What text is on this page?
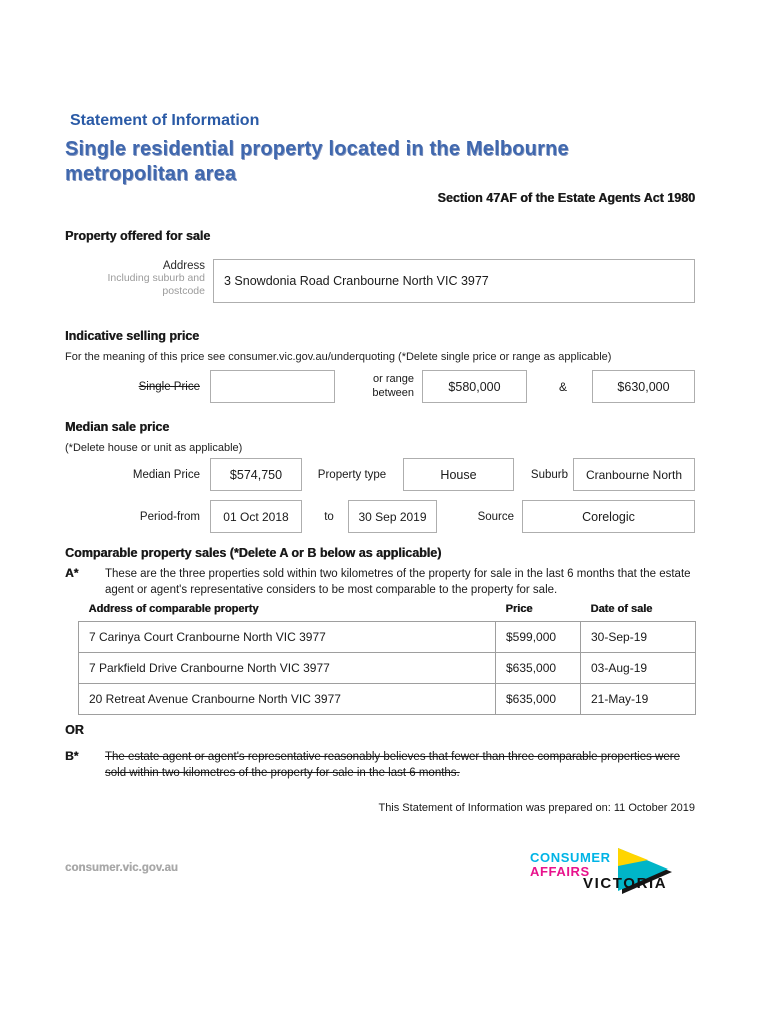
Statement of Information
Single residential property located in the Melbourne metropolitan area
Section 47AF of the Estate Agents Act 1980
Property offered for sale
Address
Including suburb and postcode
3 Snowdonia Road Cranbourne North VIC 3977
Indicative selling price
For the meaning of this price see consumer.vic.gov.au/underquoting (*Delete single price or range as applicable)
Single Price
or range between	$580,000	&	$630,000
Median sale price
(*Delete house or unit as applicable)
Median Price	$574,750	Property type	House	Suburb	Cranbourne North
Period-from	01 Oct 2018	to	30 Sep 2019	Source	Corelogic
Comparable property sales (*Delete A or B below as applicable)
A* These are the three properties sold within two kilometres of the property for sale in the last 6 months that the estate agent or agent's representative considers to be most comparable to the property for sale.
Address of comparable property	Price	Date of sale
7 Carinya Court Cranbourne North VIC 3977	$599,000	30-Sep-19
7 Parkfield Drive Cranbourne North VIC 3977	$635,000	03-Aug-19
20 Retreat Avenue Cranbourne North VIC 3977	$635,000	21-May-19
OR
B* The estate agent or agent's representative reasonably believes that fewer than three comparable properties were sold within two kilometres of the property for sale in the last 6 months.
This Statement of Information was prepared on: 11 October 2019
consumer.vic.gov.au
CONSUMER
AFFAIRS
VICTORIA
